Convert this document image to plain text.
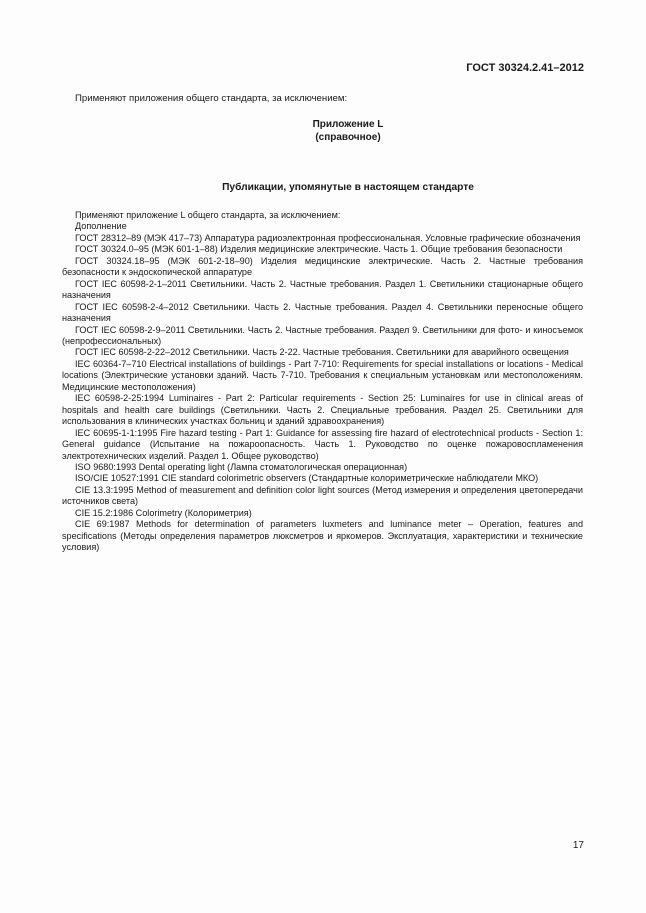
ГОСТ 30324.2.41–2012
Применяют приложения общего стандарта, за исключением:
Приложение L
(справочное)
Публикации, упомянутые в настоящем стандарте

Применяют приложение L общего стандарта, за исключением:

Дополнение

ГОСТ 28312–89 (МЭК 417–73) Аппаратура радиоэлектронная профессиональная. Условные графические обозначения

ГОСТ 30324.0–95 (МЭК 601-1–88) Изделия медицинские электрические. Часть 1. Общие требования безопасности

ГОСТ 30324.18–95 (МЭК 601-2-18–90) Изделия медицинские электрические. Часть 2. Частные требования безопасности к эндоскопической аппаратуре

ГОСТ IEC 60598-2-1–2011 Светильники. Часть 2. Частные требования. Раздел 1. Светильники стационарные общего назначения

ГОСТ IEC 60598-2-4–2012 Светильники. Часть 2. Частные требования. Раздел 4. Светильники переносные общего назначения

ГОСТ IEC 60598-2-9–2011 Светильники. Часть 2. Частные требования. Раздел 9. Светильники для фото- и киносъемок (непрофессиональных)

ГОСТ IEC 60598-2-22–2012 Светильники. Часть 2-22. Частные требования. Светильники для аварийного освещения

IEC 60364-7–710 Electrical installations of buildings - Part 7-710: Requirements for special installations or locations - Medical locations (Электрические установки зданий. Часть 7-710. Требования к специальным установкам или местоположениям. Медицинские местоположения)

IEC 60598-2-25:1994 Luminaires - Part 2: Particular requirements - Section 25: Luminaires for use in clinical areas of hospitals and health care buildings (Светильники. Часть 2. Специальные требования. Раздел 25. Светильники для использования в клинических участках больниц и зданий здравоохранения)

IEC 60695-1-1:1995 Fire hazard testing - Part 1: Guidance for assessing fire hazard of electrotechnical products - Section 1: General guidance (Испытание на пожароопасность. Часть 1. Руководство по оценке пожаровоспламенения электротехнических изделий. Раздел 1. Общее руководство)

ISO 9680:1993 Dental operating light (Лампа стоматологическая операционная)

ISO/CIE 10527:1991 CIE standard colorimetric observers (Стандартные колориметрические наблюдатели МКО)

CIE 13.3:1995 Method of measurement and definition color light sources (Метод измерения и определения цветопередачи источников света)

CIE 15.2:1986 Colorimetry (Колориметрия)

CIE 69:1987 Methods for determination of parameters luxmeters and luminance meter – Operation, features and specifications (Методы определения параметров люксметров и яркомеров. Эксплуатация, характеристики и технические условия)

17
